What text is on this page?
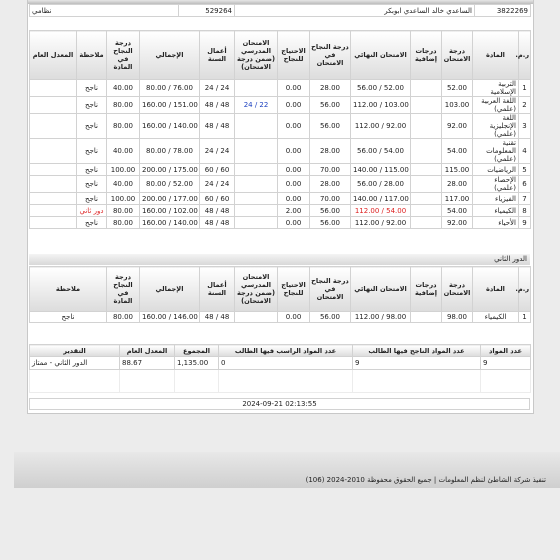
3822269	الساعدي خالد الساعدي ابوبكر	529264	نظامي
ر.م.	المادة	درجة الامتحان	درجات إضافية	الامتحان النهائي	درجة النجاح في الامتحان	الاحتياج للنجاح	الامتحان المدرسي (ضمن درجة الامتحان)	أعمال السنة	الإجمالي	درجة النجاح في المادة	ملاحظة	المعدل العام
1	التربية الإسلامية	52.00		56.00 / 52.00	28.00	0.00		24 / 24	80.00 / 76.00	40.00	ناجح	
2	اللغة العربية (علمي)	103.00		112.00 / 103.00	56.00	0.00	24 / 22	48 / 48	160.00 / 151.00	80.00	ناجح	
3	اللغة الإنجليزية (علمي)	92.00		112.00 / 92.00	56.00	0.00		48 / 48	160.00 / 140.00	80.00	ناجح	
4	تقنية المعلومات (علمي)	54.00		56.00 / 54.00	28.00	0.00		24 / 24	80.00 / 78.00	40.00	ناجح	
5	الرياضيات	115.00		140.00 / 115.00	70.00	0.00		60 / 60	200.00 / 175.00	100.00	ناجح	
6	الإحصاء (علمي)	28.00		56.00 / 28.00	28.00	0.00		24 / 24	80.00 / 52.00	40.00	ناجح	
7	الفيزياء	117.00		140.00 / 117.00	70.00	0.00		60 / 60	200.00 / 177.00	100.00	ناجح	
8	الكيمياء	54.00		112.00 / 54.00	56.00	2.00		48 / 48	160.00 / 102.00	80.00	دور ثاني	
9	الأحياء	92.00		112.00 / 92.00	56.00	0.00		48 / 48	160.00 / 140.00	80.00	ناجح	
الدور الثاني
ر.م.	المادة	درجة الامتحان	درجات إضافية	الامتحان النهائي	درجة النجاح في الامتحان	الاحتياج للنجاح	الامتحان المدرسي (ضمن درجة الامتحان)	أعمال السنة	الإجمالي	درجة النجاح في المادة	ملاحظة
1	الكيمياء	98.00		112.00 / 98.00	56.00	0.00		48 / 48	160.00 / 146.00	80.00	ناجح
عدد المواد	عدد المواد الناجح فيها الطالب	عدد المواد الراسب فيها الطالب	المجموع	المعدل العام	التقدير
9	9	0	1,135.00	88.67	الدور الثاني - ممتاز

2024-09-21 02:13:55
تنفيذ شركة الشاطئ لنظم المعلومات | جميع الحقوق محفوظة 2010-2024 (106)
